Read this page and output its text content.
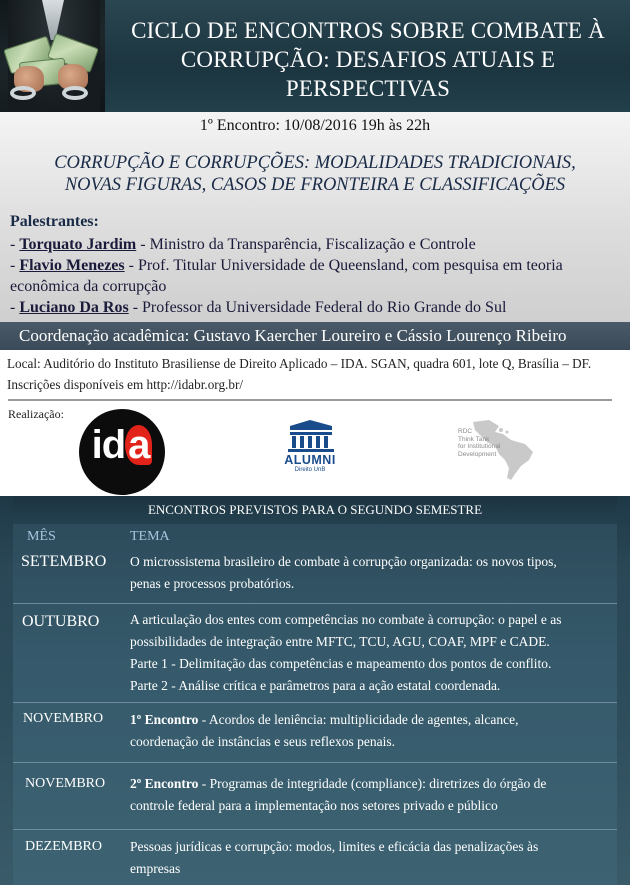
CICLO DE ENCONTROS SOBRE COMBATE À
CORRUPÇÃO: DESAFIOS ATUAIS E
PERSPECTIVAS
1º Encontro: 10/08/2016 19h às 22h
CORRUPÇÃO E CORRUPÇÕES: MODALIDADES TRADICIONAIS,
NOVAS FIGURAS, CASOS DE FRONTEIRA E CLASSIFICAÇÕES
Palestrantes:
- Torquato Jardim - Ministro da Transparência, Fiscalização e Controle
- Flavio Menezes - Prof. Titular Universidade de Queensland, com pesquisa em teoria
econômica da corrupção
- Luciano Da Ros - Professor da Universidade Federal do Rio Grande do Sul
Coordenação acadêmica: Gustavo Kaercher Loureiro e Cássio Lourenço Ribeiro
Local: Auditório do Instituto Brasiliense de Direito Aplicado – IDA. SGAN, quadra 601, lote Q, Brasília – DF.
Inscrições disponíveis em http://idabr.org.br/
Realização:
ida	ALUMNI
Direito UnB
RDC
Think Tank
for Institutional
Development
ENCONTROS PREVISTOS PARA O SEGUNDO SEMESTRE
MÊS	TEMA
SETEMBRO O microssistema brasileiro de combate à corrupção organizada: os novos tipos,
penas e processos probatórios.
OUTUBRO A articulação dos entes com competências no combate à corrupção: o papel e as
possibilidades de integração entre MFTC, TCU, AGU, COAF, MPF e CADE.
Parte 1 - Delimitação das competências e mapeamento dos pontos de conflito.
Parte 2 - Análise crítica e parâmetros para a ação estatal coordenada.
NOVEMBRO 1º Encontro - Acordos de leniência: multiplicidade de agentes, alcance,
coordenação de instâncias e seus reflexos penais.
NOVEMBRO 2º Encontro - Programas de integridade (compliance): diretrizes do órgão de
controle federal para a implementação nos setores privado e público
DEZEMBRO Pessoas jurídicas e corrupção: modos, limites e eficácia das penalizações às
empresas
